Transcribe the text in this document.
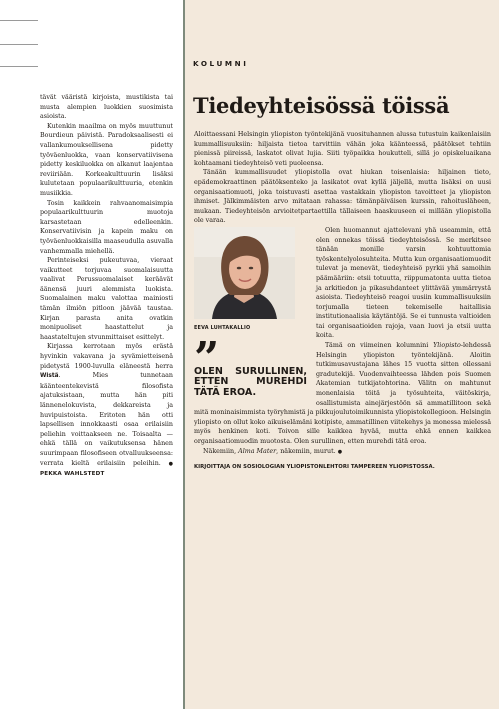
tävät vääristä kirjoista, mustikista tai musta alempien luokkien suosimista asioista.

Kutenkin maailma on myös muuttunut Bourdieun päivistä. Paradoksaalisesti ei vallankumouksellisena pidetty työväenluokka, vaan konservatiivisena pidetty keskiluokka on alkanut laajentaa reviiriään. Korkeakulttuurin lisäksi kulutetaan populaarikulttuuria, etenkin musiikkia.

Tosin kaikkein rahvaanomaisimpia populaarikulttuurin muotoja karsastetaan edelleenkin. Konservatiivisin ja kapein maku on työväenluokkaisilla maaseudulla asuvalla vanhemmalla miehellä.

Perinteiseksi pukeutuvaa, vieraat vaikutteet torjuvaa suomalaisuutta vaalivat Perussuomalaiset keräävät äänensä juuri alemmista luokista. Suomalainen maku valottaa mainiosti tämän ilmiön pitloon jäävää taustaa. Kirjan parasta anita ovatkin monipuoliset haastattelut ja haastateltujen stvunmittaiset esittelyt.

Kirjassa kerrotaan myös erästä hyvinkin vakavana ja syvämietteisenä pidetystä 1900-luvulla eläneestä herra Wistä. Mies tunnetaan käänteentekevistä filosofista ajatuksistaan, mutta hän piti lännenelokuvista, dekkareista ja huvipuistoista. Eritoten hän otti lapsellisen innokkaasti osaa erilaisiin peliehin voittaakseen ne. Toisaalta — ehkä tällä on vaikutuksensa hänen suurimpaan filosofiseen otvalluukseensa: verrata kieltä erilaisiin peleihin. ● PEKKA WAHLSTEDT

KOLUMNI
Tiedeyhteisössä töissä

Aloittaessani Helsingin yliopiston työntekijänä vuosituhannen alussa tutustuin kaikenlaisiin kummallisuuksiin: hiljaista tietoa tarvittiin vähän joka käänteessä, päätökset tehtiin pienissä piireissä, laskatot olivat lujia. Siiti työpaikka houkutteli, sillä jo opiskeluaikana kohtaamani tiedeyhteisö veti puoleensa.

Tänään kummallisuudet yliopistolla ovat hiukan toisenlaisia: hiljainen tieto, epädemokraattinen päätöksenteko ja lasikatot ovat kyllä jäljellä, mutta lisäksi on uusi organisaatiomuoti, joka toistuvasti asettaa vastakkain yliopiston tavoitteet ja yliopiston ihmiset. Jälkimmäisten arvo mitataan rahassa: tämänpäiväisen kurssin, rahoitusläheen, mukaan. Tiedeyhteisön arvioitetpartaettilla tällaiseen haaskuuseen ei millään yliopistolla ole varaa.

EEVA LUHTAKALLIO
”
OLEN SURULLINEN, ETTEN MUREHDI TÄTÄ EROA.

Olen huomannut ajattelevani yhä useammin, että olen onnekas töissä tiedeyhteisössä. Se merkitsee tänään monille varsin kohtuuttomia työskentelyolosuhteita. Mutta kun organisaatiomuodit tulevat ja menevät, tiedeyhteisö pyrkii yhä samoihin päämääriin: etsii totuutta, riippumatonta uutta tietoa ja arkitiedon ja pikasuhdanteet ylittävää ymmärrystä asioista. Tiedeyhteisö reagoi uusiin kummallisuuksiin torjumalla tieteen tekemiselle haitallisia institutionaalisia käytäntöjä. Se ei tunnusta valtioiden tai organisaatioiden rajoja, vaan luovi ja etsii uutta koita.

Tämä on viimeinen kolumnini Yliopisto-lehdessä Helsingin yliopiston työntekijänä.	Aloitin tutkimusavustajana lähes 15 vuotta sitten ollessani gradutekijä. Vuodenvaihteessa lähden pois Suomen Akatemian tutkijatohtorina. Välitn on mahtunut monenlaisia töitä ja työsuhteita, väitöskirja, osallistumista ainejärjestöön sä ammatillitoon sekä mitä moninaisimmista työryhmistä ja pikkujoulutoimikunnista yliopistokollegioon. Helsingin yliopisto on ollut koko aikuiselämäni kotipiste, ammatillinen viitekehys ja monessa mielessä myös henkinen koti. Toivon sille kaikkea hyvää, mutta ehkä ennen kaikkea organisaatiomuodin muotosta. Olen surullinen, etten murehdi tätä eroa.

Näkemiin, Alma Mater, näkemiin, murut. ●

KIRJOITTAJA ON SOSIOLOGIAN YLIOPISTONLEHTORI TAMPEREEN YLIOPISTOSSA.
